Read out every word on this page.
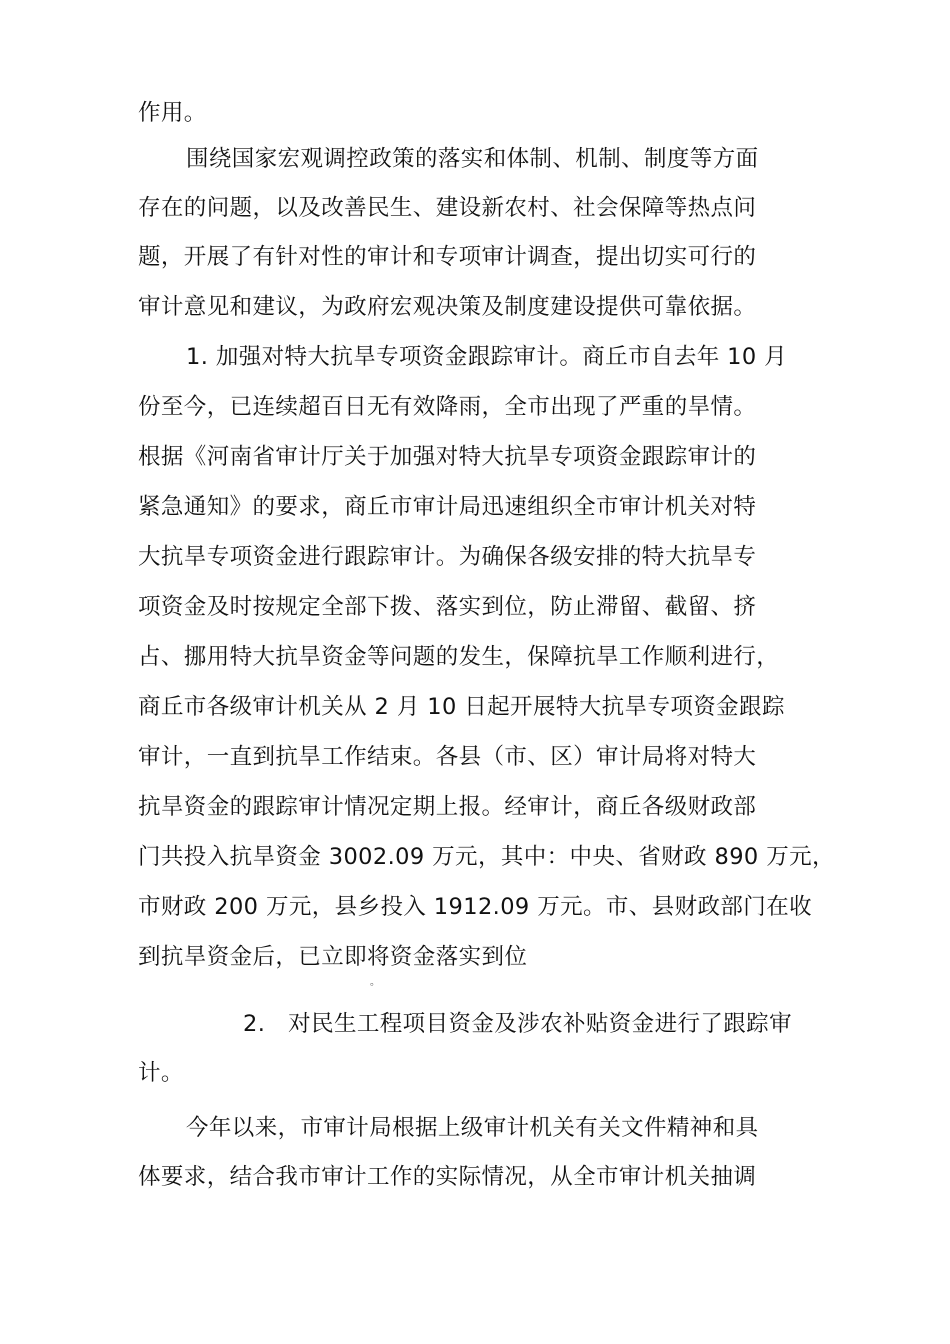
作用。
围绕国家宏观调控政策的落实和体制、机制、制度等方面
存在的问题，以及改善民生、建设新农村、社会保障等热点问
题，开展了有针对性的审计和专项审计调查，提出切实可行的
审计意见和建议，为政府宏观决策及制度建设提供可靠依据。
1. 加强对特大抗旱专项资金跟踪审计。商丘市自去年 10 月
份至今，已连续超百日无有效降雨，全市出现了严重的旱情。
根据《河南省审计厅关于加强对特大抗旱专项资金跟踪审计的
紧急通知》的要求，商丘市审计局迅速组织全市审计机关对特
大抗旱专项资金进行跟踪审计。为确保各级安排的特大抗旱专
项资金及时按规定全部下拨、落实到位，防止滞留、截留、挤
占、挪用特大抗旱资金等问题的发生，保障抗旱工作顺利进行，
商丘市各级审计机关从 2 月 10 日起开展特大抗旱专项资金跟踪
审计，一直到抗旱工作结束。各县（市、区）审计局将对特大
抗旱资金的跟踪审计情况定期上报。经审计，商丘各级财政部
门共投入抗旱资金 3002.09 万元，其中：中央、省财政 890 万元，
市财政 200 万元，县乡投入 1912.09 万元。市、县财政部门在收
到抗旱资金后，已立即将资金落实到位
。
2.　对民生工程项目资金及涉农补贴资金进行了跟踪审
计。
今年以来，市审计局根据上级审计机关有关文件精神和具
体要求，结合我市审计工作的实际情况，从全市审计机关抽调
